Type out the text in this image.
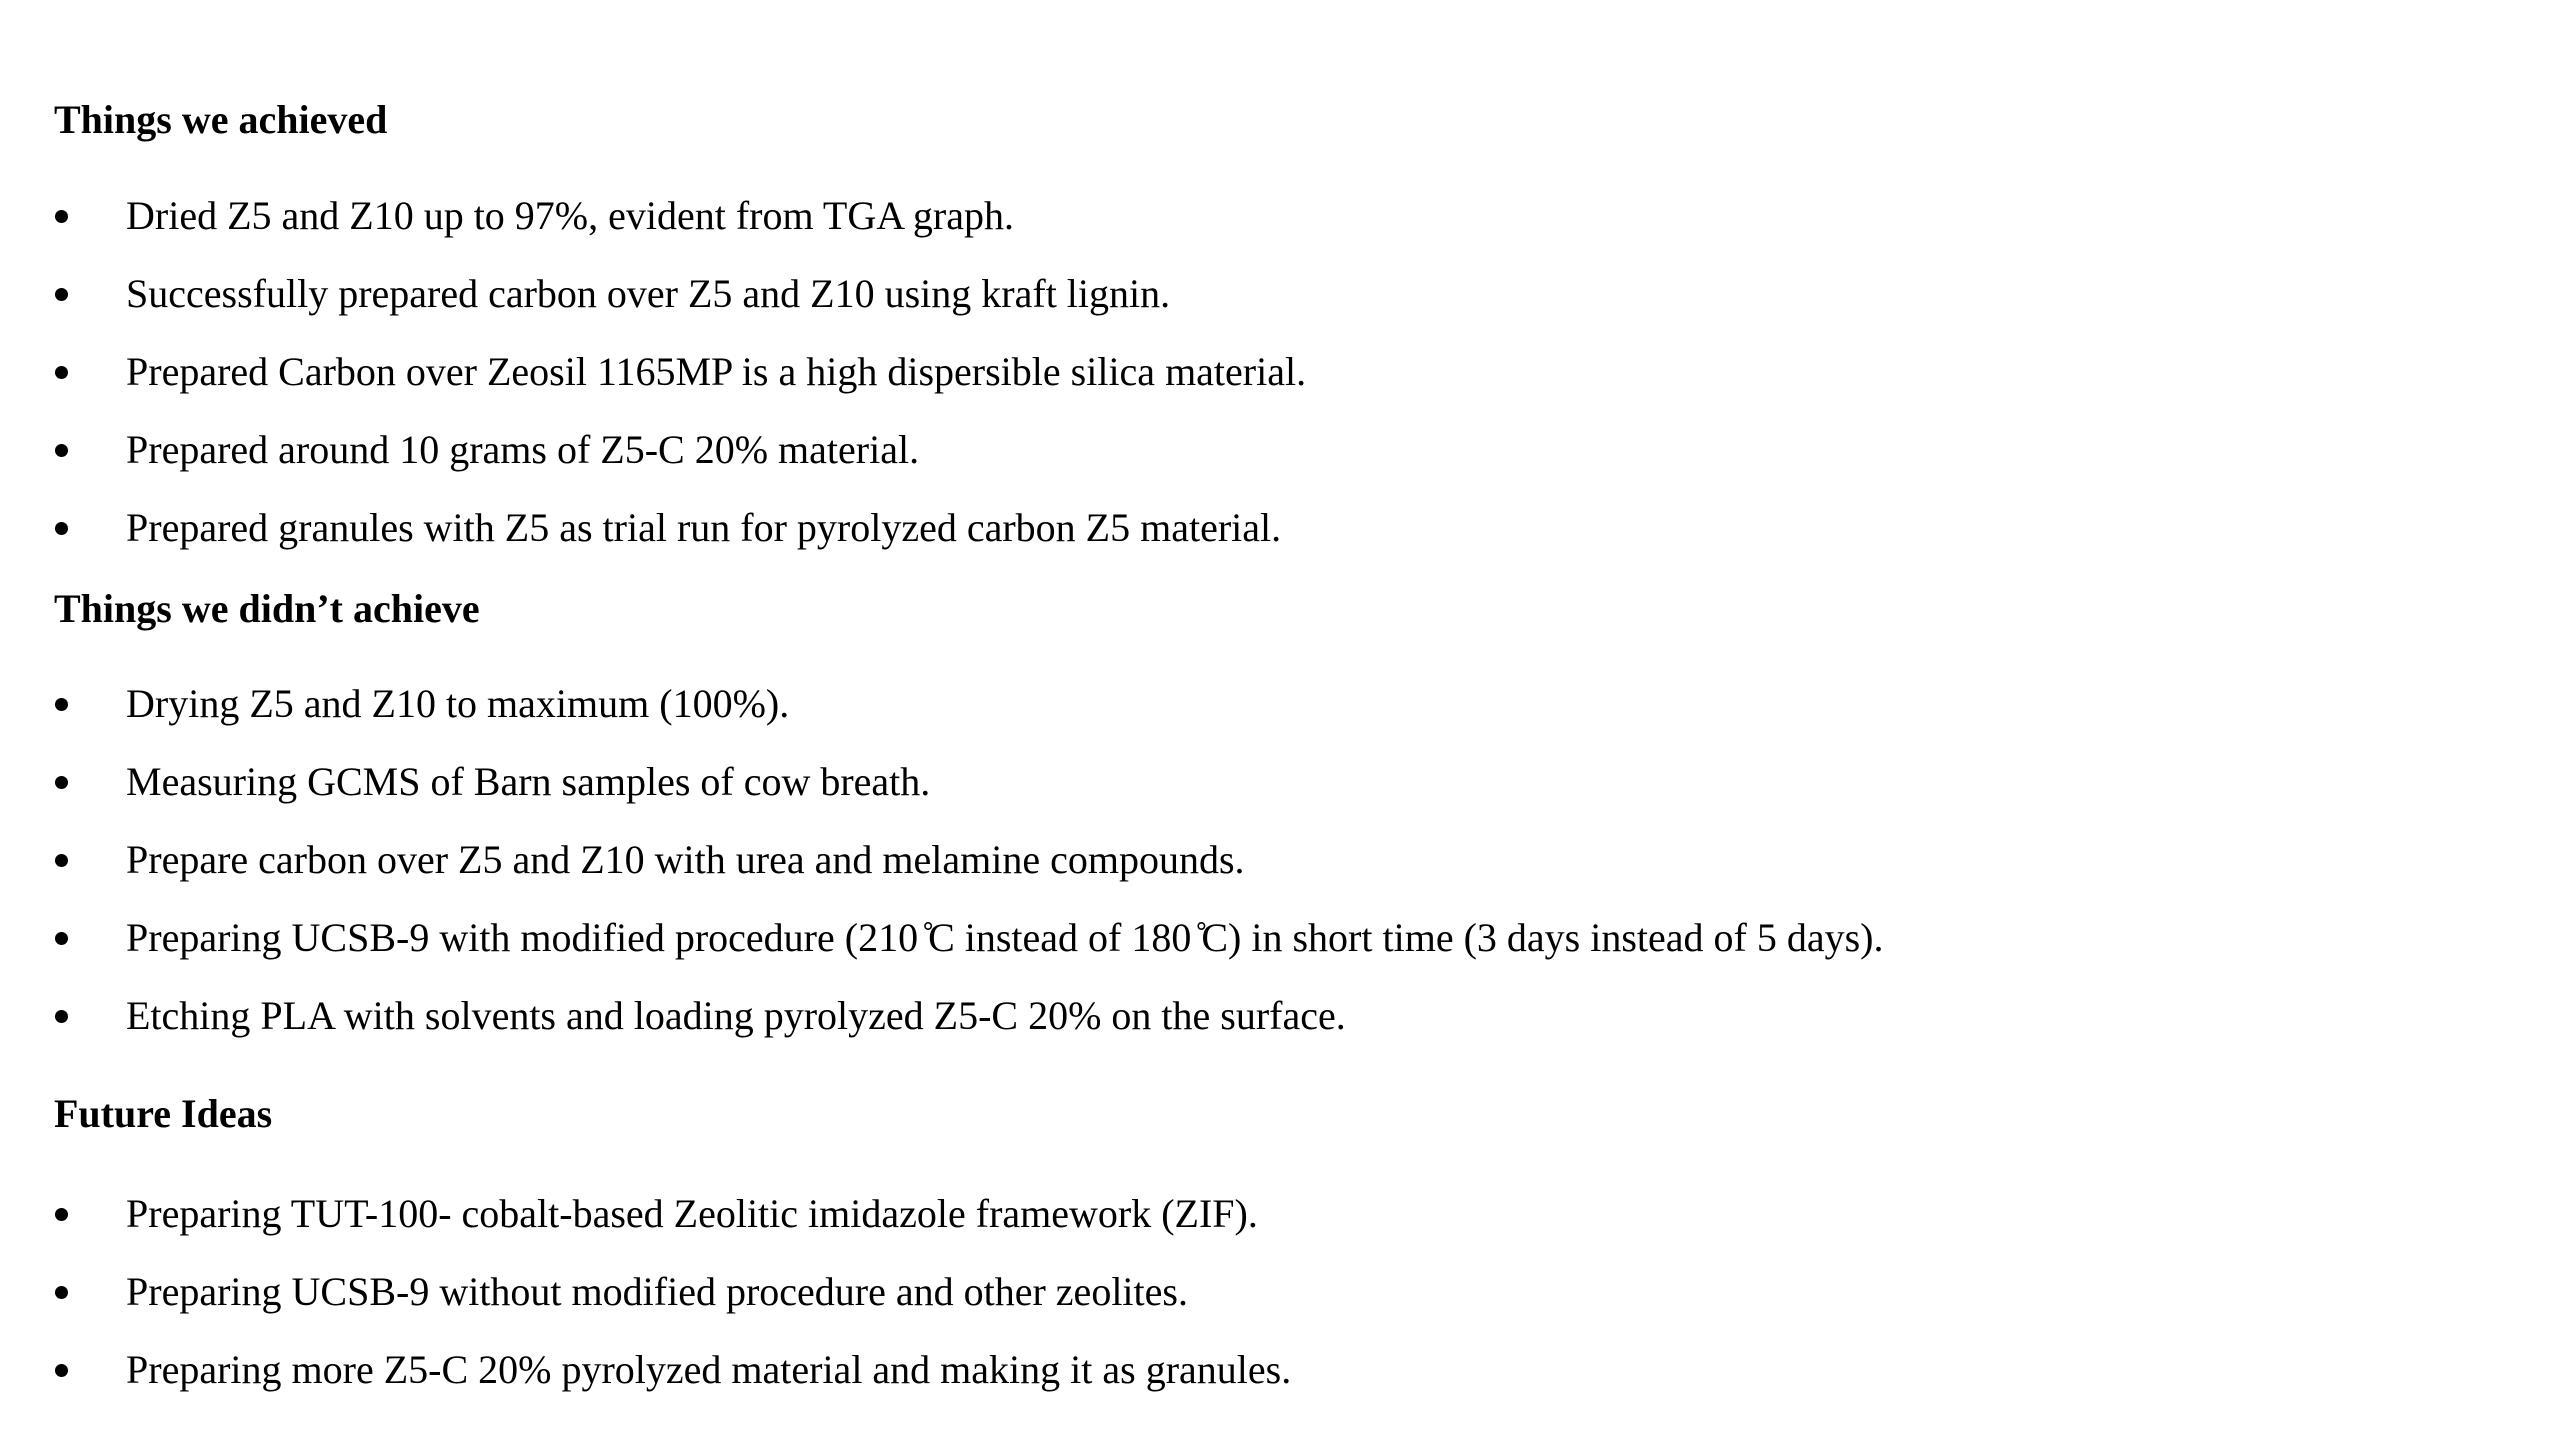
Things we achieved
Dried Z5 and Z10 up to 97%, evident from TGA graph.
Successfully prepared carbon over Z5 and Z10 using kraft lignin.
Prepared Carbon over Zeosil 1165MP is a high dispersible silica material.
Prepared around 10 grams of Z5-C 20% material.
Prepared granules with Z5 as trial run for pyrolyzed carbon Z5 material.
Things we didn’t achieve
Drying Z5 and Z10 to maximum (100%).
Measuring GCMS of Barn samples of cow breath.
Prepare carbon over Z5 and Z10 with urea and melamine compounds.
Preparing UCSB-9 with modified procedure (210 ̊C instead of 180 ̊C) in short time (3 days instead of 5 days).
Etching PLA with solvents and loading pyrolyzed Z5-C 20% on the surface.
Future Ideas
Preparing TUT-100- cobalt-based Zeolitic imidazole framework (ZIF).
Preparing UCSB-9 without modified procedure and other zeolites.
Preparing more Z5-C 20% pyrolyzed material and making it as granules.
